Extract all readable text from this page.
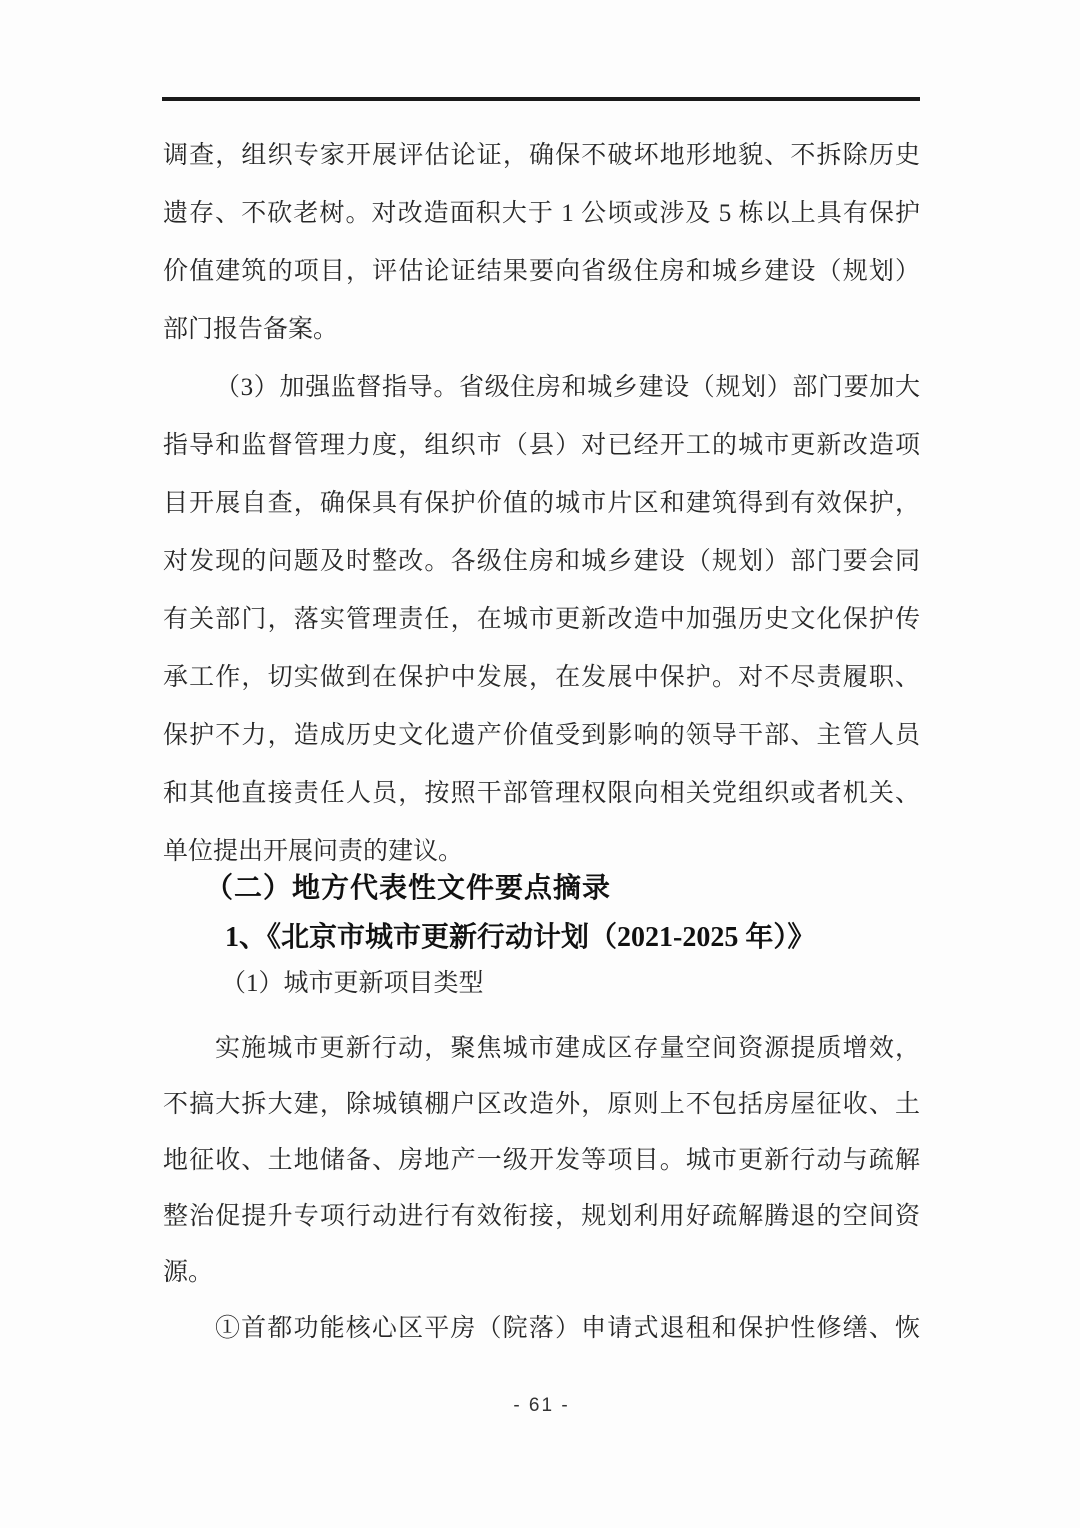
调查，组织专家开展评估论证，确保不破坏地形地貌、不拆除历史
遗存、不砍老树。对改造面积大于 1 公顷或涉及 5 栋以上具有保护
价值建筑的项目，评估论证结果要向省级住房和城乡建设（规划）
部门报告备案。
（3）加强监督指导。省级住房和城乡建设（规划）部门要加大
指导和监督管理力度，组织市（县）对已经开工的城市更新改造项
目开展自查，确保具有保护价值的城市片区和建筑得到有效保护，
对发现的问题及时整改。各级住房和城乡建设（规划）部门要会同
有关部门，落实管理责任，在城市更新改造中加强历史文化保护传
承工作，切实做到在保护中发展，在发展中保护。对不尽责履职、
保护不力，造成历史文化遗产价值受到影响的领导干部、主管人员
和其他直接责任人员，按照干部管理权限向相关党组织或者机关、
单位提出开展问责的建议。
（二）地方代表性文件要点摘录
1、《北京市城市更新行动计划（2021-2025 年）》
（1）城市更新项目类型
实施城市更新行动，聚焦城市建成区存量空间资源提质增效，
不搞大拆大建，除城镇棚户区改造外，原则上不包括房屋征收、土
地征收、土地储备、房地产一级开发等项目。城市更新行动与疏解
整治促提升专项行动进行有效衔接，规划利用好疏解腾退的空间资
源。
①首都功能核心区平房（院落）申请式退租和保护性修缮、恢
- 61 -
